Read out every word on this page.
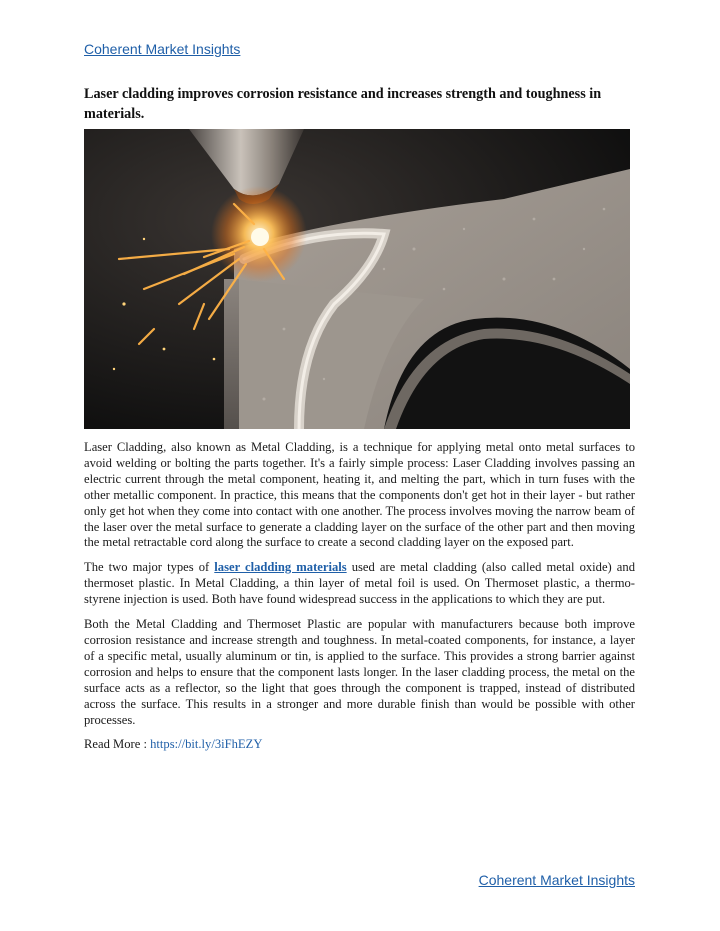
Coherent Market Insights
Laser cladding improves corrosion resistance and increases strength and toughness in materials.

Laser Cladding, also known as Metal Cladding, is a technique for applying metal onto metal surfaces to avoid welding or bolting the parts together. It's a fairly simple process: Laser Cladding involves passing an electric current through the metal component, heating it, and melting the part, which in turn fuses with the other metallic component. In practice, this means that the components don't get hot in their layer - but rather only get hot when they come into contact with one another. The process involves moving the narrow beam of the laser over the metal surface to generate a cladding layer on the surface of the other part and then moving the metal retractable cord along the surface to create a second cladding layer on the exposed part.

The two major types of laser cladding materials used are metal cladding (also called metal oxide) and thermoset plastic. In Metal Cladding, a thin layer of metal foil is used. On Thermoset plastic, a thermo-styrene injection is used. Both have found widespread success in the applications to which they are put.

Both the Metal Cladding and Thermoset Plastic are popular with manufacturers because both improve corrosion resistance and increase strength and toughness. In metal-coated components, for instance, a layer of a specific metal, usually aluminum or tin, is applied to the surface. This provides a strong barrier against corrosion and helps to ensure that the component lasts longer. In the laser cladding process, the metal on the surface acts as a reflector, so the light that goes through the component is trapped, instead of distributed across the surface. This results in a stronger and more durable finish than would be possible with other processes.

Read More : https://bit.ly/3iFhEZY

Coherent Market Insights
